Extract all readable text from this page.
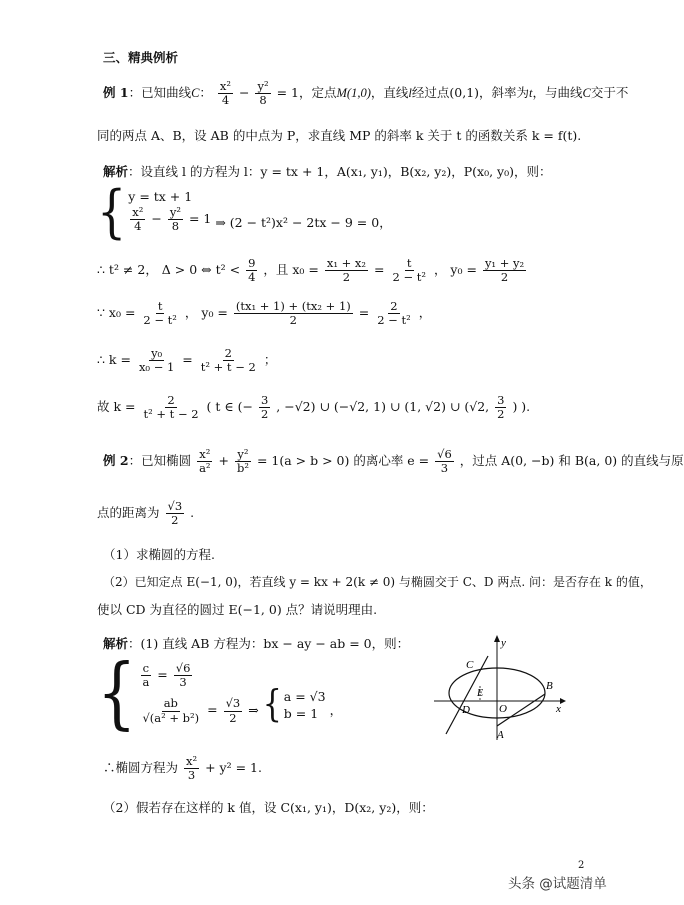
三、精典例析
例 1：已知曲线C： $\frac{\text{x²}}{4} - \frac{\text{y²}}{8} = 1$，定点M(1,0)，直线l经过点(0,1)，斜率为t，与曲线C交于不
同的两点 A、B，设 AB 的中点为 P，求直线 MP 的斜率 k 关于 t 的函数关系 k = f(t).
解析：设直线 l 的方程为 l：y = tx + 1，A(x₁, y₁)，B(x₂, y₂)，P(x₀, y₀)，则：
{ y = tx + 1
$\frac{\text{x²}}{4} - \frac{\text{y²}}{8} = 1$ ⇒ (2 − t²)x² − 2tx − 9 = 0，
∴ t² ≠ 2， Δ > 0 ⇔ $t^2 < \frac{9}{4}$ ，且 $x_0 = \frac{\text{x₁ + x₂}}{2} = \frac{t}{\text{2 − t²}}$ ， $y_0 = \frac{\text{y₁ + y₂}}{2}$
∵ $x_0 = \frac{t}{\text{2 − t²}}$ ， $y_0 = \frac{\text{(tx₁ + 1) + (tx₂ + 1)}}{2} = \frac{2}{\text{2 − t²}}$ ，
∴ $k = \frac{\text{y₀}}{\text{x₀ − 1}} = \frac{2}{\text{t² + t − 2}}$ ；
故 $k = \frac{2}{\text{t² + t − 2}}$ ( t ∈ (− $\frac{3}{2}$ , −√2) ∪ (−√2, 1) ∪ (1, √2) ∪ (√2, $\frac{3}{2}$ ) ).
例 2：已知椭圆 $\frac{\text{x²}}{\text{a²}} + \frac{\text{y²}}{\text{b²}} = 1(a > b > 0)$ 的离心率 $e = \frac{√6}{3}$ ，过点 A(0, −b) 和 B(a, 0) 的直线与原
点的距离为 $\frac{√3}{2}$ .
（1）求椭圆的方程.
（2）已知定点 E(−1, 0)，若直线 y = kx + 2(k ≠ 0) 与椭圆交于 C、D 两点. 问：是否存在 k 的值，
使以 CD 为直径的圆过 E(−1, 0) 点？请说明理由.
解析：(1) 直线 AB 方程为：bx − ay − ab = 0，则：
{ $\frac{c}{a} = \frac{√6}{3}$
$\frac{ab}{\text{√(a² + b²)}} = \frac{√3}{2}$ ⇒ { a = √3
b = 1 ，
∴椭圆方程为 $\frac{\text{x²}}{3} + y^2 = 1$.
（2）假若存在这样的 k 值，设 C(x₁, y₁)，D(x₂, y₂)，则：
y
x
C
D
E
O
A
B
2
头条 @试题清单
